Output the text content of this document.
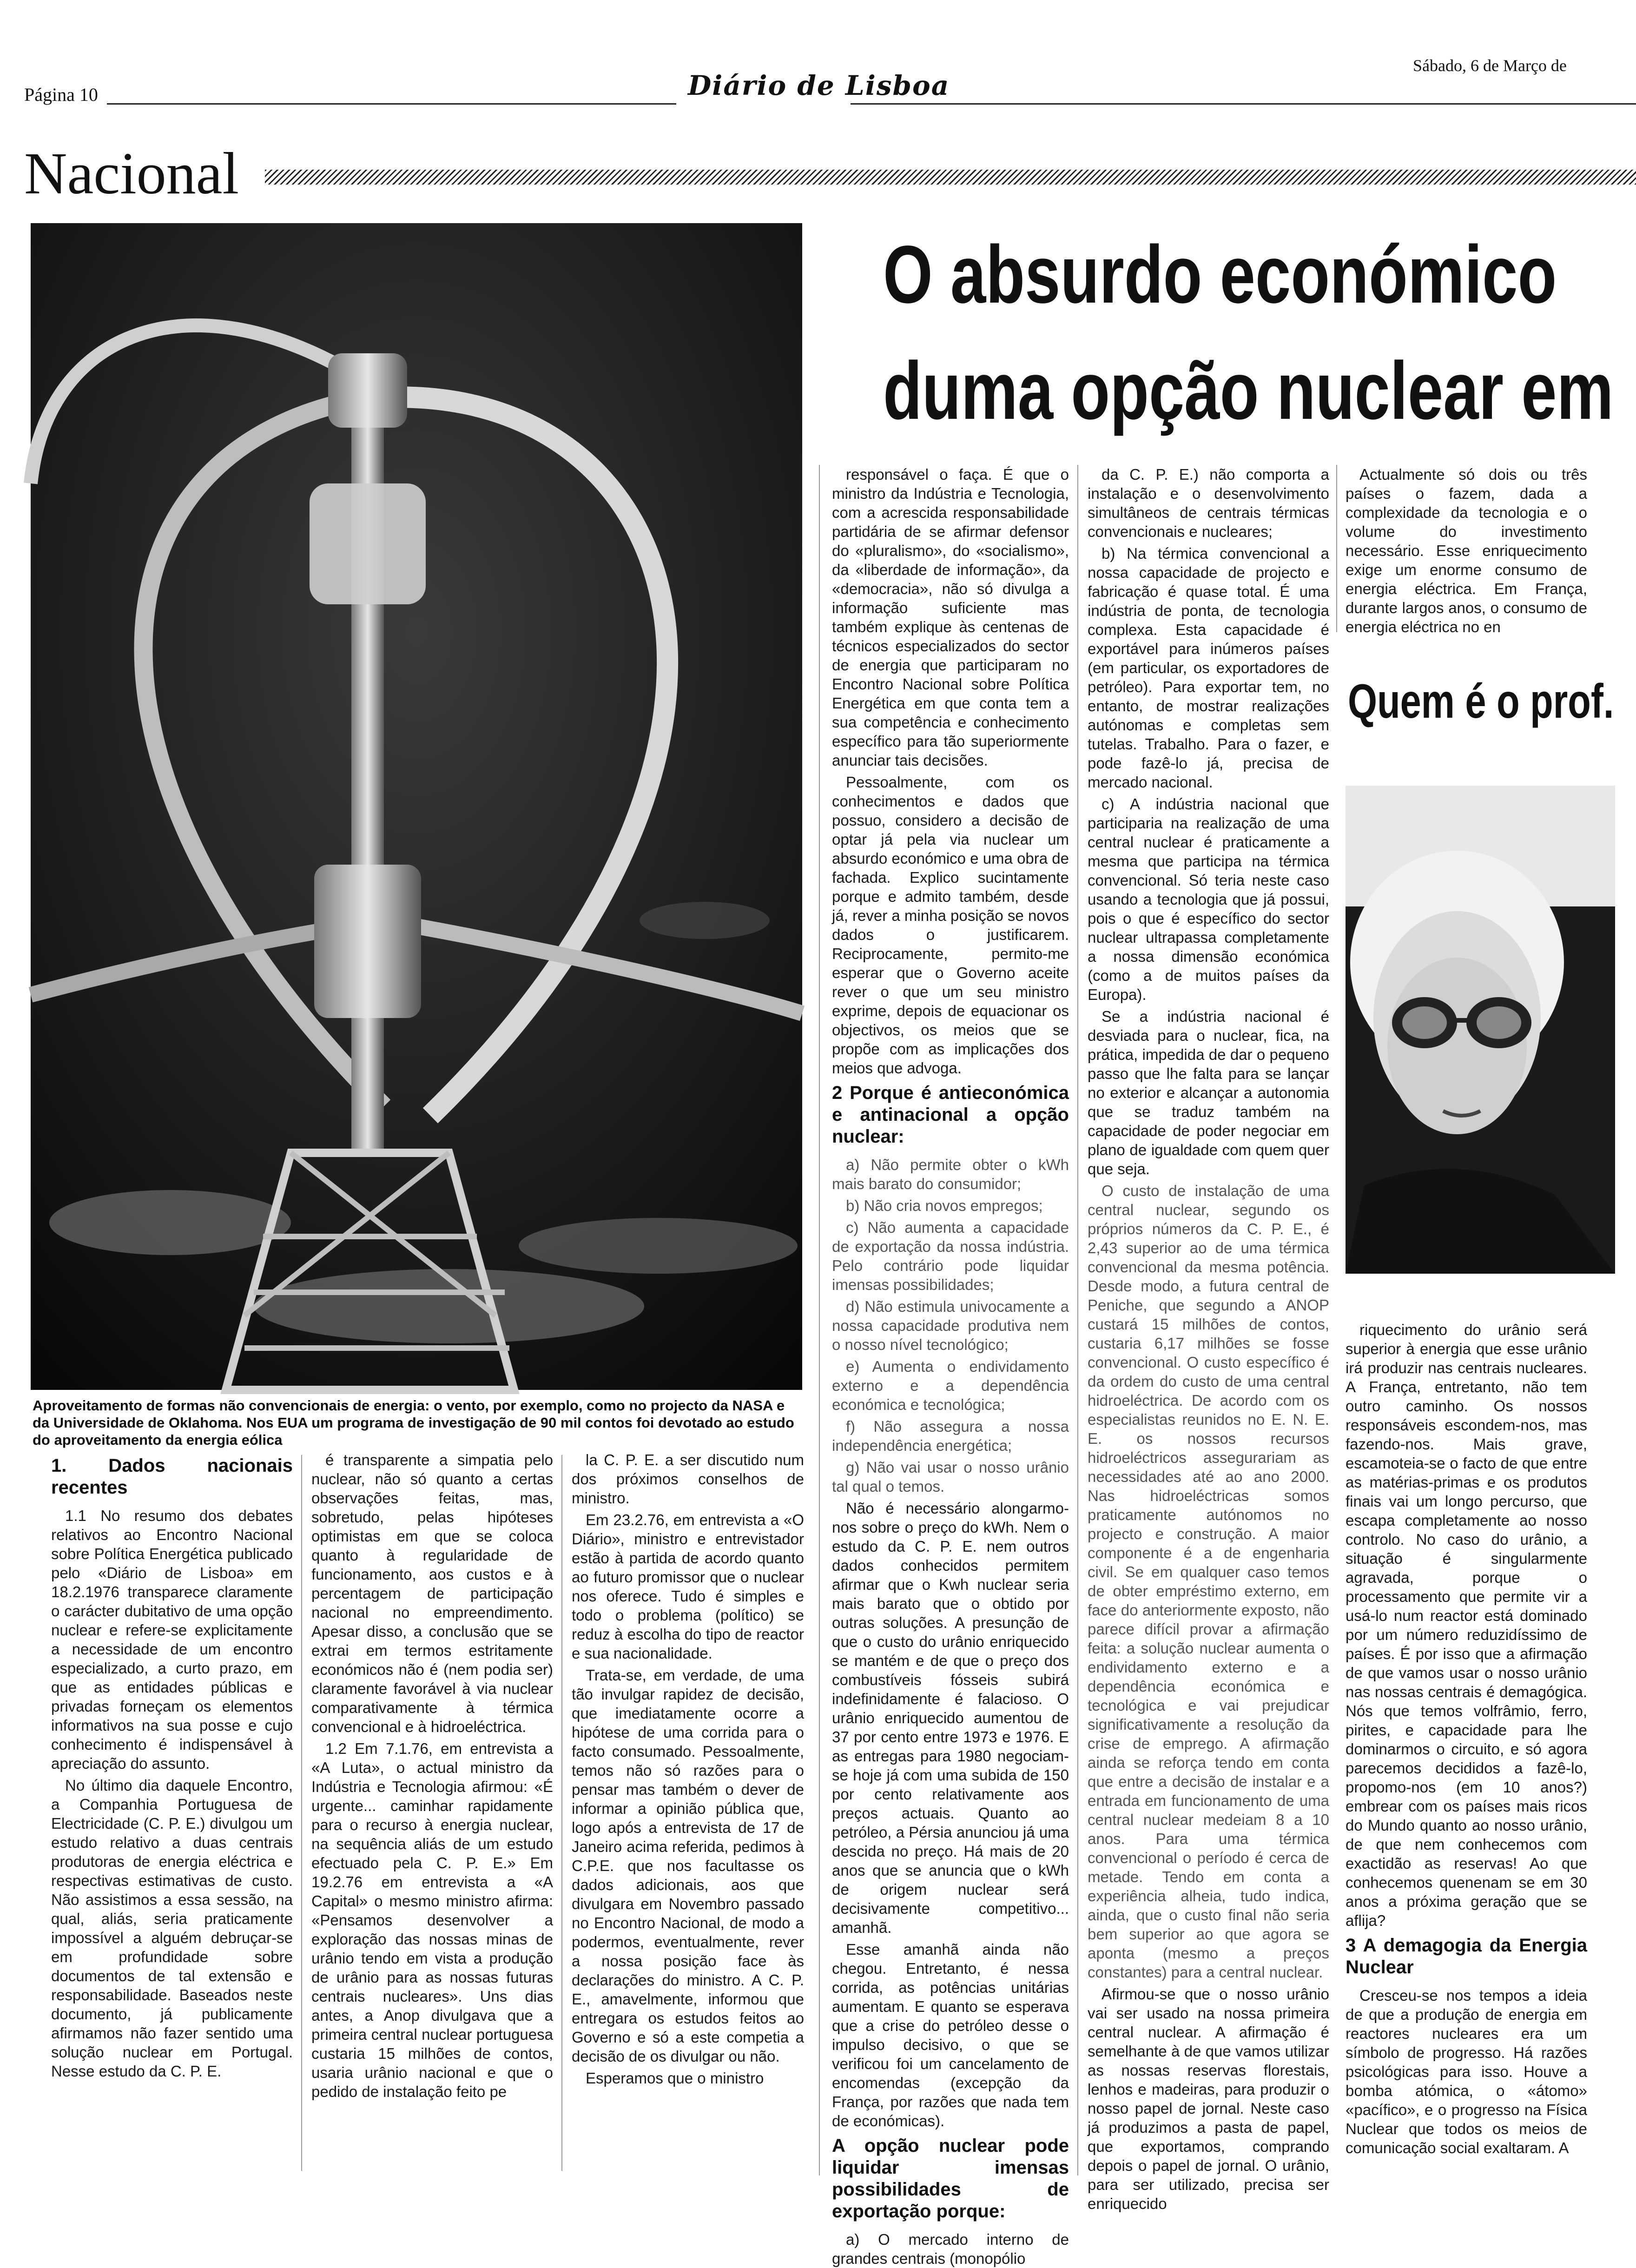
Página 10	Diário de Lisboa
Sábado, 6 de Março de
Nacional
Aproveitamento de formas não convencionais de energia: o vento, por exemplo, como no projecto da NASA e da Universidade de Oklahoma. Nos EUA um programa de investigação de 90 mil contos foi devotado ao estudo do aproveitamento da energia eólica
O absurdo económico
duma opção nuclear em
1. Dados nacionais recentes

1.1 No resumo dos debates relativos ao Encontro Nacional sobre Política Energética publicado pelo «Diário de Lisboa» em 18.2.1976 transparece claramente o carácter dubitativo de uma opção nuclear e refere-se explicitamente a necessidade de um encontro especializado, a curto prazo, em que as entidades públicas e privadas forneçam os elementos informativos na sua posse e cujo conhecimento é indispensável à apreciação do assunto.

No último dia daquele Encontro, a Companhia Portuguesa de Electricidade (C. P. E.) divulgou um estudo relativo a duas centrais produtoras de energia eléctrica e respectivas estimativas de custo. Não assistimos a essa sessão, na qual, aliás, seria praticamente impossível a alguém debruçar-se em profundidade sobre documentos de tal extensão e responsabilidade. Baseados neste documento, já publicamente afirmamos não fazer sentido uma solução nuclear em Portugal. Nesse estudo da C. P. E.

é transparente a simpatia pelo nuclear, não só quanto a certas observações feitas, mas, sobretudo, pelas hipóteses optimistas em que se coloca quanto à regularidade de funcionamento, aos custos e à percentagem de participação nacional no empreendimento. Apesar disso, a conclusão que se extrai em termos estritamente económicos não é (nem podia ser) claramente favorável à via nuclear comparativamente à térmica convencional e à hidroeléctrica.

1.2 Em 7.1.76, em entrevista a «A Luta», o actual ministro da Indústria e Tecnologia afirmou: «É urgente... caminhar rapidamente para o recurso à energia nuclear, na sequência aliás de um estudo efectuado pela C. P. E.» Em 19.2.76 em entrevista a «A Capital» o mesmo ministro afirma: «Pensamos desenvolver a exploração das nossas minas de urânio tendo em vista a produção de urânio para as nossas futuras centrais nucleares». Uns dias antes, a Anop divulgava que a primeira central nuclear portuguesa custaria 15 milhões de contos, usaria urânio nacional e que o pedido de instalação feito pe

la C. P. E. a ser discutido num dos próximos conselhos de ministro.

Em 23.2.76, em entrevista a «O Diário», ministro e entrevistador estão à partida de acordo quanto ao futuro promissor que o nuclear nos oferece. Tudo é simples e todo o problema (político) se reduz à escolha do tipo de reactor e sua nacionalidade.

Trata-se, em verdade, de uma tão invulgar rapidez de decisão, que imediatamente ocorre a hipótese de uma corrida para o facto consumado. Pessoalmente, temos não só razões para o pensar mas também o dever de informar a opinião pública que, logo após a entrevista de 17 de Janeiro acima referida, pedimos à C.P.E. que nos facultasse os dados adicionais, aos que divulgara em Novembro passado no Encontro Nacional, de modo a podermos, eventualmente, rever a nossa posição face às declarações do ministro. A C. P. E., amavelmente, informou que entregara os estudos feitos ao Governo e só a este competia a decisão de os divulgar ou não.

Esperamos que o ministro

responsável o faça. É que o ministro da Indústria e Tecnologia, com a acrescida responsabilidade partidária de se afirmar defensor do «pluralismo», do «socialismo», da «liberdade de informação», da «democracia», não só divulga a informação suficiente mas também explique às centenas de técnicos especializados do sector de energia que participaram no Encontro Nacional sobre Política Energética em que conta tem a sua competência e conhecimento específico para tão superiormente anunciar tais decisões.

Pessoalmente, com os conhecimentos e dados que possuo, considero a decisão de optar já pela via nuclear um absurdo económico e uma obra de fachada. Explico sucintamente porque e admito também, desde já, rever a minha posição se novos dados o justificarem. Reciprocamente, permito-me esperar que o Governo aceite rever o que um seu ministro exprime, depois de equacionar os objectivos, os meios que se propõe com as implicações dos meios que advoga.

2 Porque é antieconómica e antinacional a opção nuclear:

a) Não permite obter o kWh mais barato do consumidor;

b) Não cria novos empregos;

c) Não aumenta a capacidade de exportação da nossa indústria. Pelo contrário pode liquidar imensas possibilidades;

d) Não estimula univocamente a nossa capacidade produtiva nem o nosso nível tecnológico;

e) Aumenta o endividamento externo e a dependência económica e tecnológica;

f) Não assegura a nossa independência energética;

g) Não vai usar o nosso urânio tal qual o temos.

Não é necessário alongarmo-nos sobre o preço do kWh. Nem o estudo da C. P. E. nem outros dados conhecidos permitem afirmar que o Kwh nuclear seria mais barato que o obtido por outras soluções. A presunção de que o custo do urânio enriquecido se mantém e de que o preço dos combustíveis fósseis subirá indefinidamente é falacioso. O urânio enriquecido aumentou de 37 por cento entre 1973 e 1976. E as entregas para 1980 negociam-se hoje já com uma subida de 150 por cento relativamente aos preços actuais. Quanto ao petróleo, a Pérsia anunciou já uma descida no preço. Há mais de 20 anos que se anuncia que o kWh de origem nuclear será decisivamente competitivo... amanhã.

Esse amanhã ainda não chegou. Entretanto, é nessa corrida, as potências unitárias aumentam. E quanto se esperava que a crise do petróleo desse o impulso decisivo, o que se verificou foi um cancelamento de encomendas (excepção da França, por razões que nada tem de económicas).

A opção nuclear pode liquidar imensas possibilidades de exportação porque:

a) O mercado interno de grandes centrais (monopólio

da C. P. E.) não comporta a instalação e o desenvolvimento simultâneos de centrais térmicas convencionais e nucleares;

b) Na térmica convencional a nossa capacidade de projecto e fabricação é quase total. É uma indústria de ponta, de tecnologia complexa. Esta capacidade é exportável para inúmeros países (em particular, os exportadores de petróleo). Para exportar tem, no entanto, de mostrar realizações autónomas e completas sem tutelas. Trabalho. Para o fazer, e pode fazê-lo já, precisa de mercado nacional.

c) A indústria nacional que participaria na realização de uma central nuclear é praticamente a mesma que participa na térmica convencional. Só teria neste caso usando a tecnologia que já possui, pois o que é específico do sector nuclear ultrapassa completamente a nossa dimensão económica (como a de muitos países da Europa).

Se a indústria nacional é desviada para o nuclear, fica, na prática, impedida de dar o pequeno passo que lhe falta para se lançar no exterior e alcançar a autonomia que se traduz também na capacidade de poder negociar em plano de igualdade com quem quer que seja.

O custo de instalação de uma central nuclear, segundo os próprios números da C. P. E., é 2,43 superior ao de uma térmica convencional da mesma potência. Desde modo, a futura central de Peniche, que segundo a ANOP custará 15 milhões de contos, custaria 6,17 milhões se fosse convencional. O custo específico é da ordem do custo de uma central hidroeléctrica. De acordo com os especialistas reunidos no E. N. E. E. os nossos recursos hidroeléctricos assegurariam as necessidades até ao ano 2000. Nas hidroeléctricas somos praticamente autónomos no projecto e construção. A maior componente é a de engenharia civil. Se em qualquer caso temos de obter empréstimo externo, em face do anteriormente exposto, não parece difícil provar a afirmação feita: a solução nuclear aumenta o endividamento externo e a dependência económica e tecnológica e vai prejudicar significativamente a resolução da crise de emprego. A afirmação ainda se reforça tendo em conta que entre a decisão de instalar e a entrada em funcionamento de uma central nuclear medeiam 8 a 10 anos. Para uma térmica convencional o período é cerca de metade. Tendo em conta a experiência alheia, tudo indica, ainda, que o custo final não seria bem superior ao que agora se aponta (mesmo a preços constantes) para a central nuclear.

Afirmou-se que o nosso urânio vai ser usado na nossa primeira central nuclear. A afirmação é semelhante à de que vamos utilizar as nossas reservas florestais, lenhos e madeiras, para produzir o nosso papel de jornal. Neste caso já produzimos a pasta de papel, que exportamos, comprando depois o papel de jornal. O urânio, para ser utilizado, precisa ser enriquecido

Actualmente só dois ou três países o fazem, dada a complexidade da tecnologia e o volume do investimento necessário. Esse enriquecimento exige um enorme consumo de energia eléctrica. Em França, durante largos anos, o consumo de energia eléctrica no en

Quem é o prof.

riquecimento do urânio será superior à energia que esse urânio irá produzir nas centrais nucleares. A França, entretanto, não tem outro caminho. Os nossos responsáveis escondem-nos, mas fazendo-nos. Mais grave, escamoteia-se o facto de que entre as matérias-primas e os produtos finais vai um longo percurso, que escapa completamente ao nosso controlo. No caso do urânio, a situação é singularmente agravada, porque o processamento que permite vir a usá-lo num reactor está dominado por um número reduzidíssimo de países. É por isso que a afirmação de que vamos usar o nosso urânio nas nossas centrais é demagógica. Nós que temos volfrâmio, ferro, pirites, e capacidade para lhe dominarmos o circuito, e só agora parecemos decididos a fazê-lo, propomo-nos (em 10 anos?) embrear com os países mais ricos do Mundo quanto ao nosso urânio, de que nem conhecemos com exactidão as reservas! Ao que conhecemos quenenam se em 30 anos a próxima geração que se aflija?

3 A demagogia da Energia Nuclear

Cresceu-se nos tempos a ideia de que a produção de energia em reactores nucleares era um símbolo de progresso. Há razões psicológicas para isso. Houve a bomba atómica, o «átomo» «pacífico», e o progresso na Física Nuclear que todos os meios de comunicação social exaltaram. A
